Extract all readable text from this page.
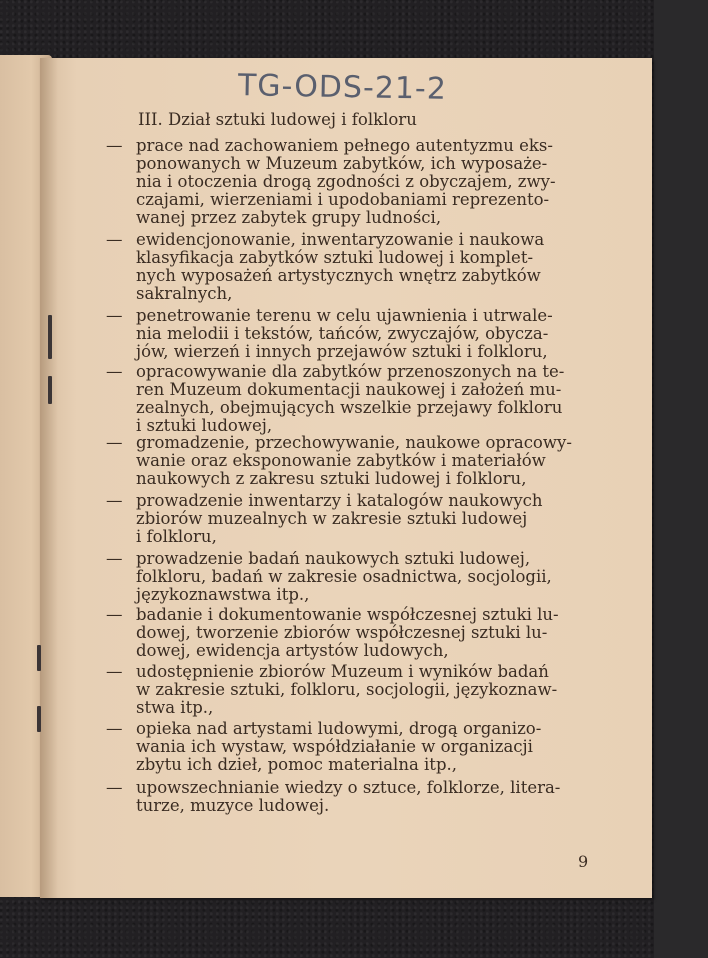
TG-ODS-21-2
III. Dział sztuki ludowej i folkloru
— prace nad zachowaniem pełnego autentyzmu eks-
ponowanych w Muzeum zabytków, ich wyposaże-
nia i otoczenia drogą zgodności z obyczajem, zwy-
czajami, wierzeniami i upodobaniami reprezento-
wanej przez zabytek grupy ludności,
— ewidencjonowanie, inwentaryzowanie i naukowa
klasyfikacja zabytków sztuki ludowej i komplet-
nych wyposażeń artystycznych wnętrz zabytków
sakralnych,
— penetrowanie terenu w celu ujawnienia i utrwale-
nia melodii i tekstów, tańców, zwyczajów, obycza-
jów, wierzeń i innych przejawów sztuki i folkloru,
— opracowywanie dla zabytków przenoszonych na te-
ren Muzeum dokumentacji naukowej i założeń mu-
zealnych, obejmujących wszelkie przejawy folkloru
i sztuki ludowej,
— gromadzenie, przechowywanie, naukowe opracowy-
wanie oraz eksponowanie zabytków i materiałów
naukowych z zakresu sztuki ludowej i folkloru,
— prowadzenie inwentarzy i katalogów naukowych
zbiorów muzealnych w zakresie sztuki ludowej
i folkloru,
— prowadzenie badań naukowych sztuki ludowej,
folkloru, badań w zakresie osadnictwa, socjologii,
językoznawstwa itp.,
— badanie i dokumentowanie współczesnej sztuki lu-
dowej, tworzenie zbiorów współczesnej sztuki lu-
dowej, ewidencja artystów ludowych,
— udostępnienie zbiorów Muzeum i wyników badań
w zakresie sztuki, folkloru, socjologii, językoznaw-
stwa itp.,
— opieka nad artystami ludowymi, drogą organizo-
wania ich wystaw, współdziałanie w organizacji
zbytu ich dzieł, pomoc materialna itp.,
— upowszechnianie wiedzy o sztuce, folklorze, litera-
turze, muzyce ludowej.
9
